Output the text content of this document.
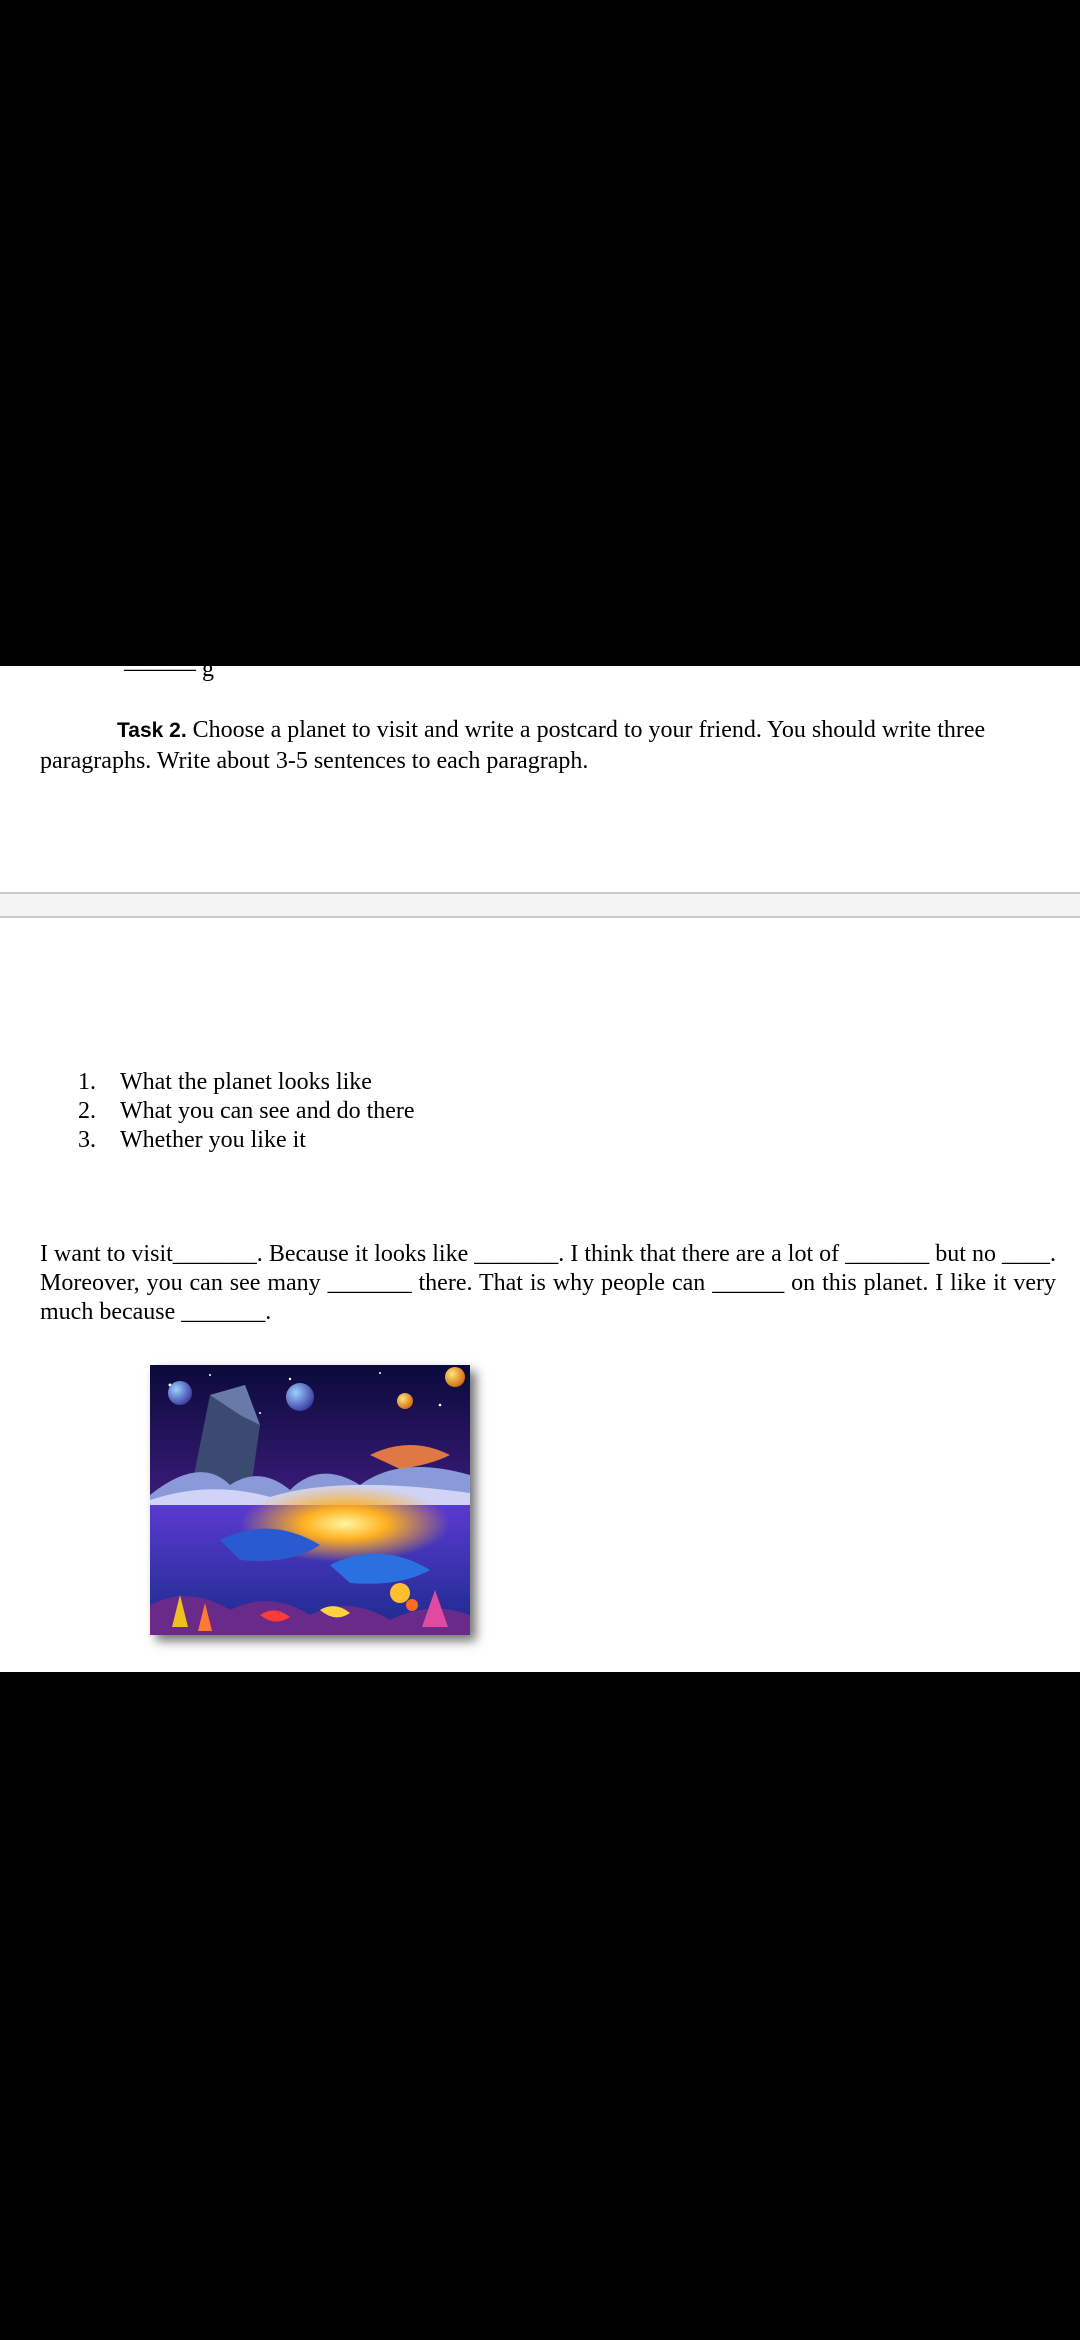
——— g

Task 2. Choose a planet to visit and write a postcard to your friend. You should write three paragraphs. Write about 3-5 sentences to each paragraph.

1. What the planet looks like
2. What you can see and do there
3. Whether you like it

I want to visit_______. Because it looks like _______. I think that there are a lot of _______ but no ____. Moreover, you can see many _______ there. That is why people can ______ on this planet. I like it very much because _______.
